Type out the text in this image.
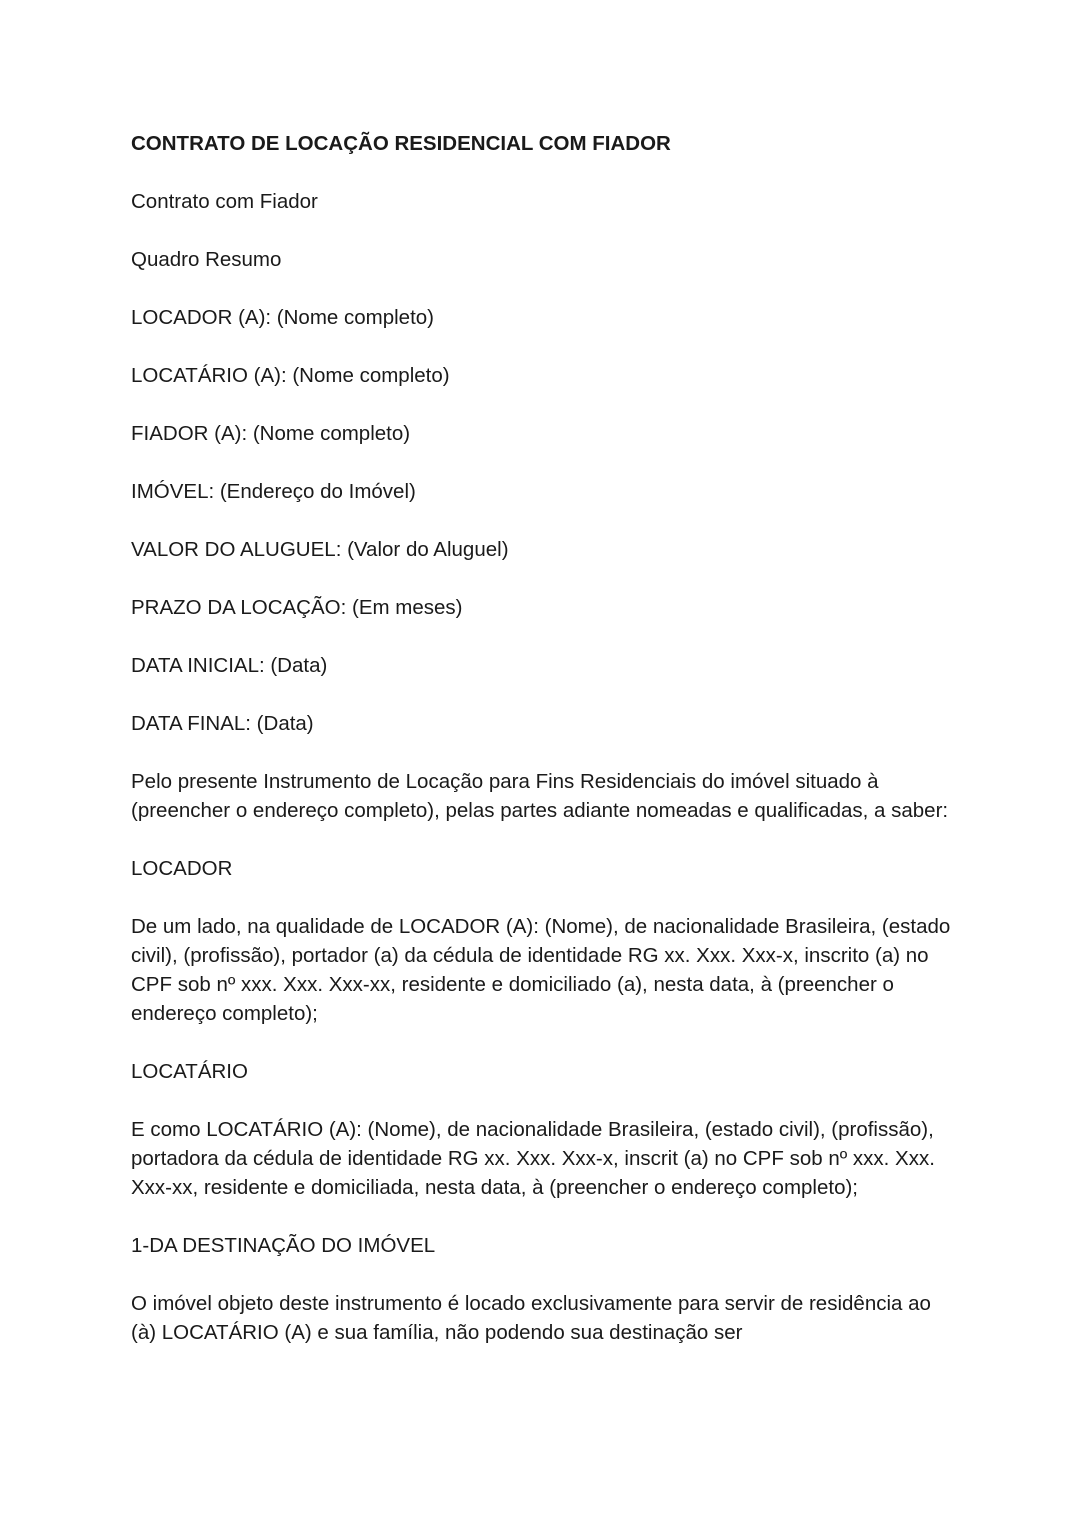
CONTRATO DE LOCAÇÃO RESIDENCIAL COM FIADOR

Contrato com Fiador

Quadro Resumo

LOCADOR (A): (Nome completo)

LOCATÁRIO (A): (Nome completo)

FIADOR (A): (Nome completo)

IMÓVEL: (Endereço do Imóvel)

VALOR DO ALUGUEL: (Valor do Aluguel)

PRAZO DA LOCAÇÃO: (Em meses)

DATA INICIAL: (Data)

DATA FINAL: (Data)

Pelo presente Instrumento de Locação para Fins Residenciais do imóvel situado à (preencher o endereço completo), pelas partes adiante nomeadas e qualificadas, a saber:

LOCADOR

De um lado, na qualidade de LOCADOR (A): (Nome), de nacionalidade Brasileira, (estado civil), (profissão), portador (a) da cédula de identidade RG xx. Xxx. Xxx-x, inscrito (a) no CPF sob nº xxx. Xxx. Xxx-xx, residente e domiciliado (a), nesta data, à (preencher o endereço completo);

LOCATÁRIO

E como LOCATÁRIO (A): (Nome), de nacionalidade Brasileira, (estado civil), (profissão), portadora da cédula de identidade RG xx. Xxx. Xxx-x, inscrit (a) no CPF sob nº xxx. Xxx. Xxx-xx, residente e domiciliada, nesta data, à (preencher o endereço completo);

1-DA DESTINAÇÃO DO IMÓVEL

O imóvel objeto deste instrumento é locado exclusivamente para servir de residência ao (à) LOCATÁRIO (A) e sua família, não podendo sua destinação ser
